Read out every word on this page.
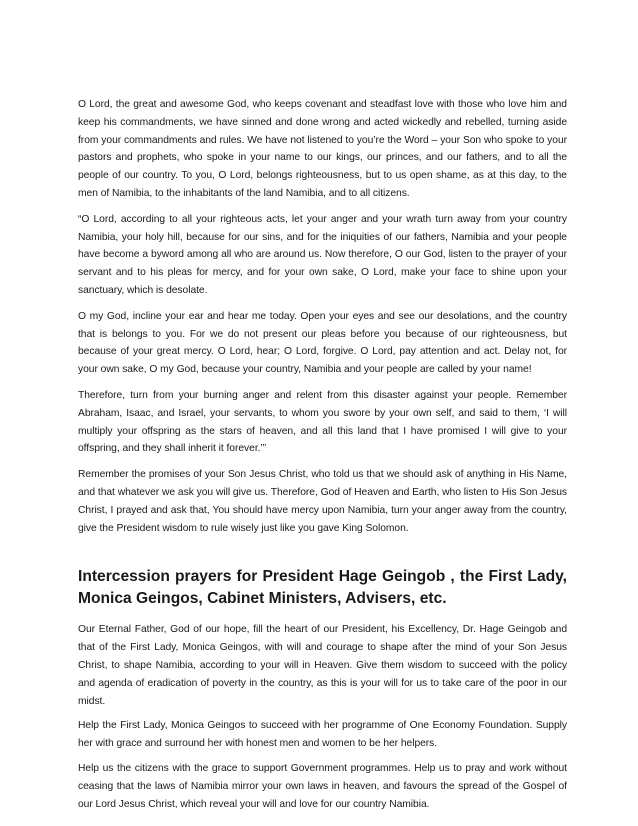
O Lord, the great and awesome God, who keeps covenant and steadfast love with those who love him and keep his commandments, we have sinned and done wrong and acted wickedly and rebelled, turning aside from your commandments and rules. We have not listened to you’re the Word – your Son who spoke to your pastors and prophets, who spoke in your name to our kings, our princes, and our fathers, and to all the people of our country. To you, O Lord, belongs righteousness, but to us open shame, as at this day, to the men of Namibia, to the inhabitants of the land Namibia, and to all citizens.

“O Lord, according to all your righteous acts, let your anger and your wrath turn away from your country Namibia, your holy hill, because for our sins, and for the iniquities of our fathers, Namibia and your people have become a byword among all who are around us. Now therefore, O our God, listen to the prayer of your servant and to his pleas for mercy, and for your own sake, O Lord, make your face to shine upon your sanctuary, which is desolate.

O my God, incline your ear and hear me today. Open your eyes and see our desolations, and the country that is belongs to you. For we do not present our pleas before you because of our righteousness, but because of your great mercy. O Lord, hear; O Lord, forgive. O Lord, pay attention and act. Delay not, for your own sake, O my God, because your country, Namibia and your people are called by your name!

Therefore, turn from your burning anger and relent from this disaster against your people. Remember Abraham, Isaac, and Israel, your servants, to whom you swore by your own self, and said to them, ‘I will multiply your offspring as the stars of heaven, and all this land that I have promised I will give to your offspring, and they shall inherit it forever.’”

Remember the promises of your Son Jesus Christ, who told us that we should ask of anything in His Name, and that whatever we ask you will give us. Therefore, God of Heaven and Earth, who listen to His Son Jesus Christ, I prayed and ask that, You should have mercy upon Namibia, turn your anger away from the country, give the President wisdom to rule wisely just like you gave King Solomon.

Intercession prayers for President Hage Geingob , the First Lady, Monica Geingos, Cabinet Ministers, Advisers, etc.

Our Eternal Father, God of our hope, fill the heart of our President, his Excellency, Dr. Hage Geingob and that of the First Lady, Monica Geingos, with will and courage to shape after the mind of your Son Jesus Christ, to shape Namibia, according to your will in Heaven. Give them wisdom to succeed with the policy and agenda of eradication of poverty in the country, as this is your will for us to take care of the poor in our midst.

Help the First Lady, Monica Geingos to succeed with her programme of One Economy Foundation. Supply her with grace and surround her with honest men and women to be her helpers.

Help us the citizens with the grace to support Government programmes. Help us to pray and work without ceasing that the laws of Namibia mirror your own laws in heaven, and favours the spread of the Gospel of our Lord Jesus Christ, which reveal your will and love for our country Namibia.
